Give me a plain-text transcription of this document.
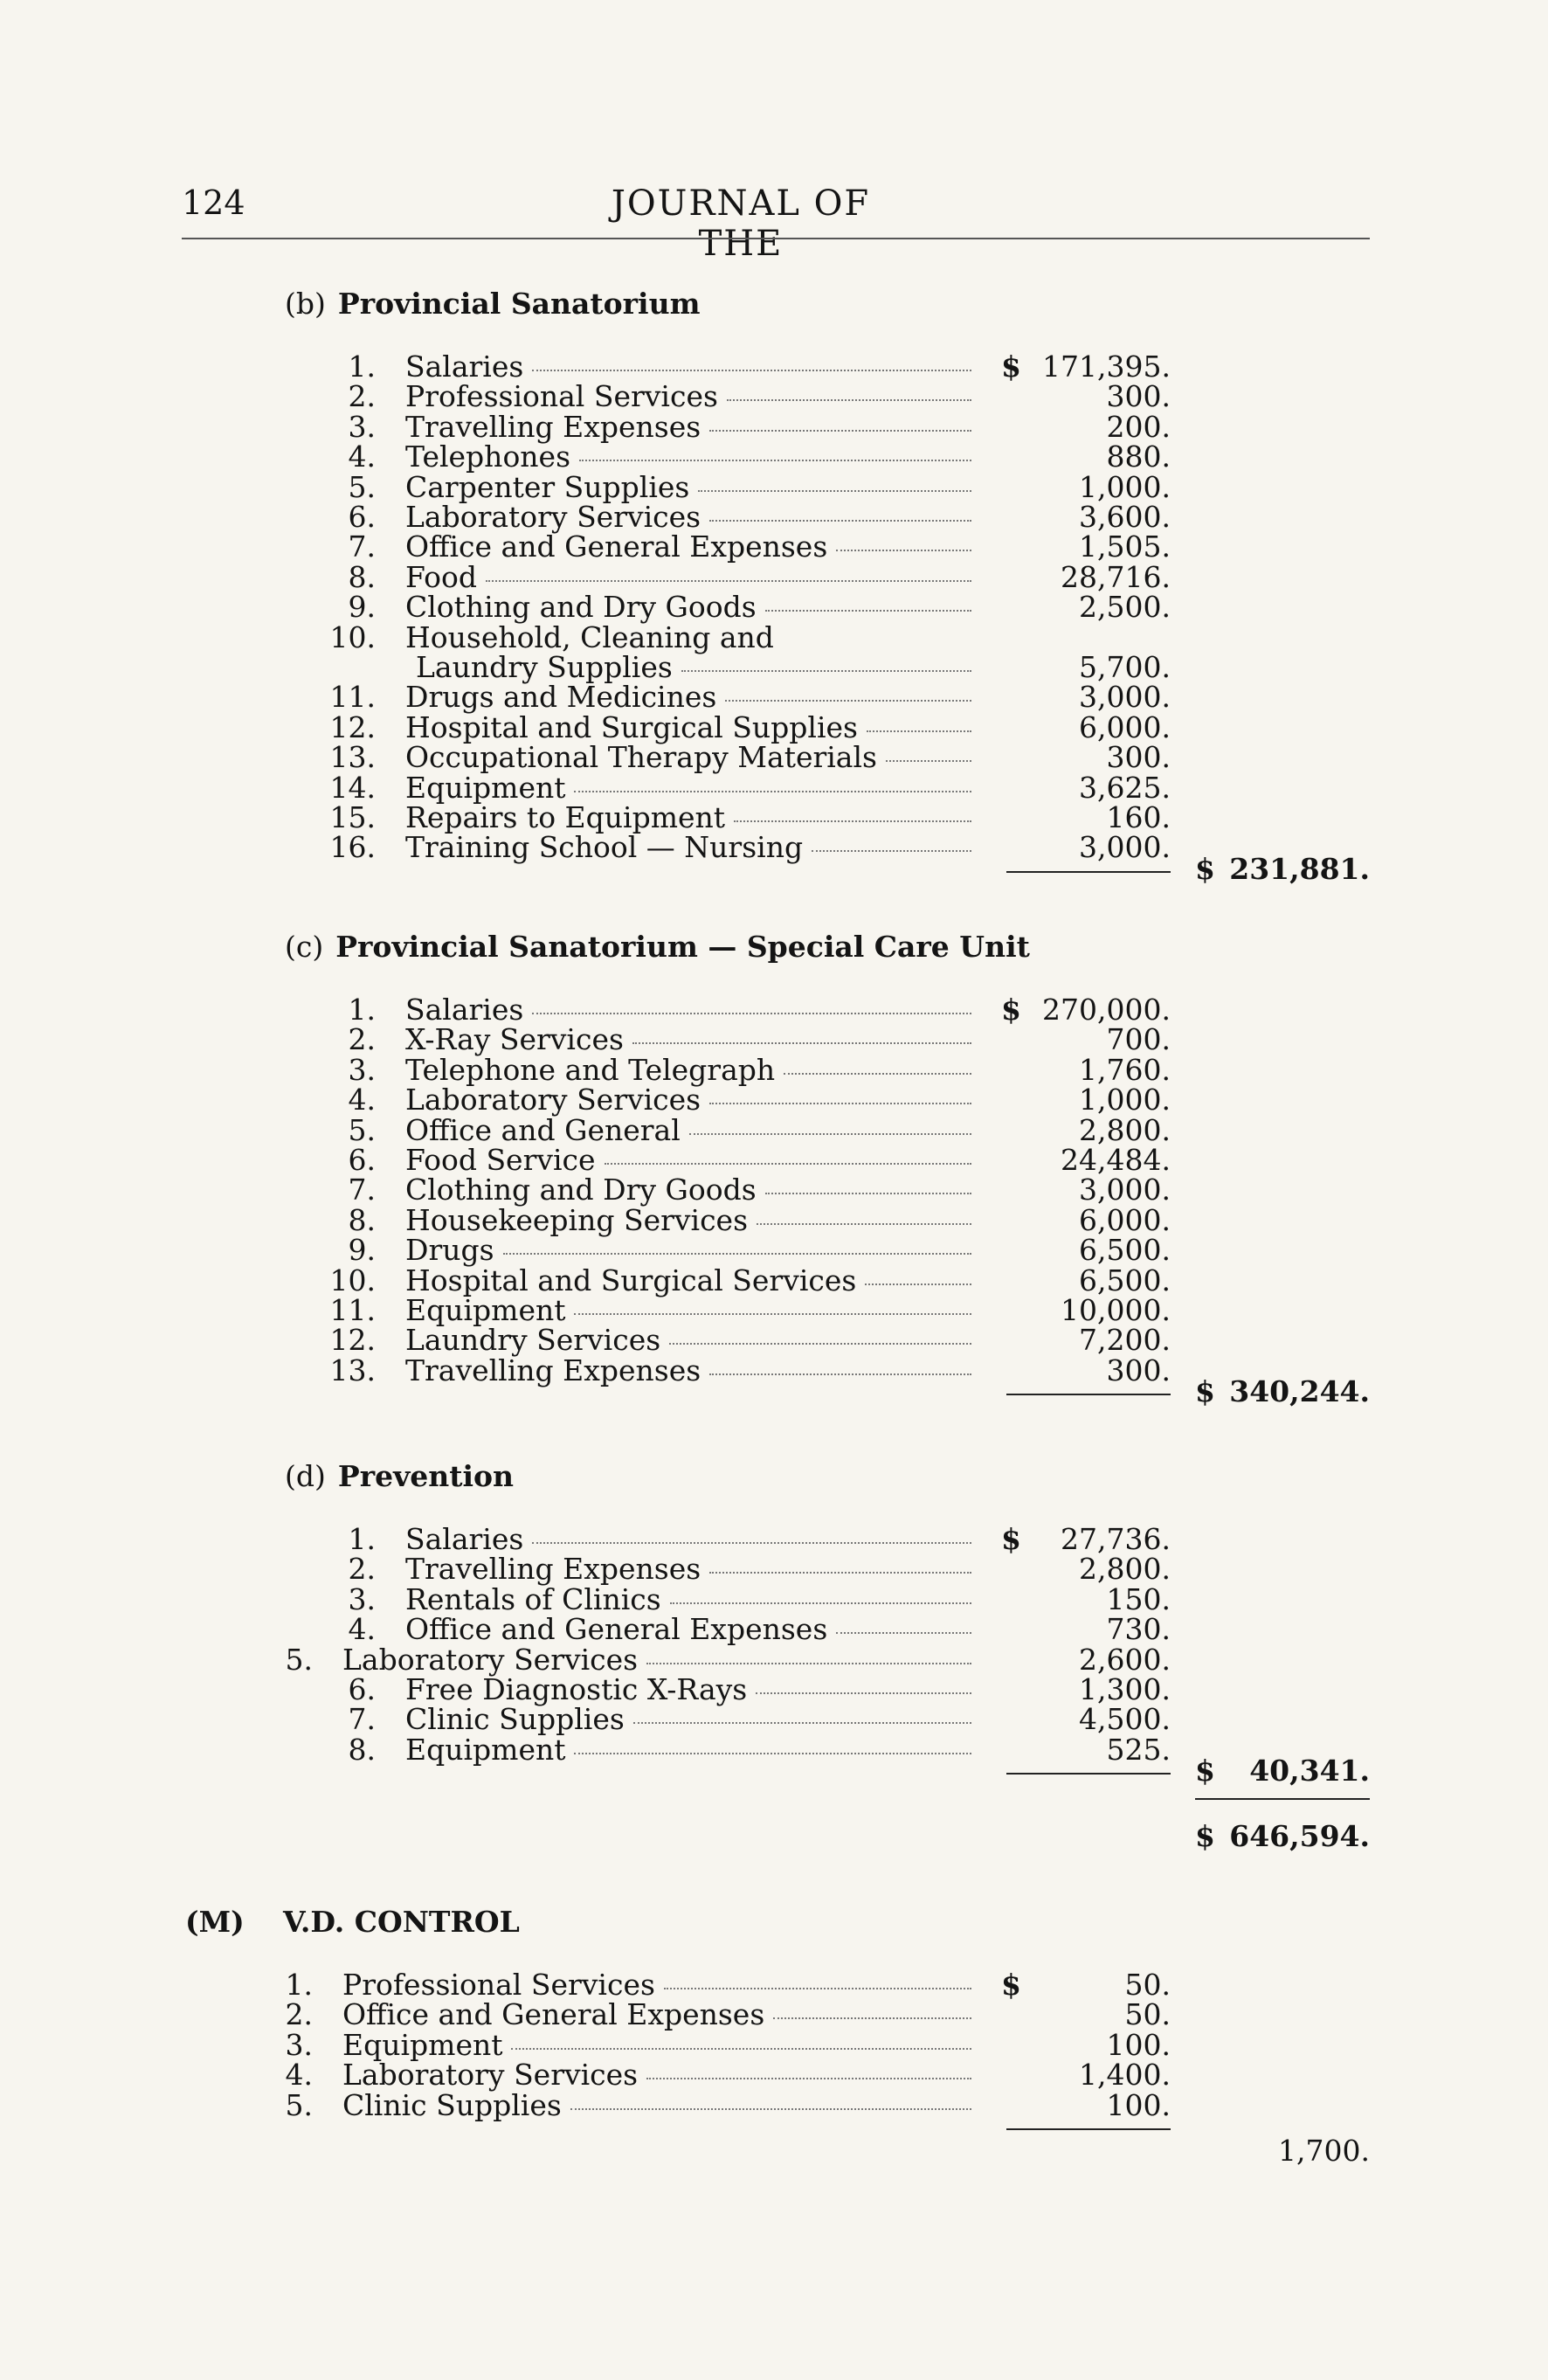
124	JOURNAL OF THE
(b) Provincial Sanatorium
1. Salaries	$ 171,395.
2. Professional Services	300.
3. Travelling Expenses	200.
4. Telephones	880.
5. Carpenter Supplies	1,000.
6. Laboratory Services	3,600.
7. Office and General Expenses	1,505.
8. Food	28,716.
9. Clothing and Dry Goods	2,500.
10. Household, Cleaning and
Laundry Supplies	5,700.
11. Drugs and Medicines	3,000.
12. Hospital and Surgical Supplies	6,000.
13. Occupational Therapy Materials	300.
14. Equipment	3,625.
15. Repairs to Equipment	160.
16. Training School — Nursing	3,000.
$ 231,881.
(c) Provincial Sanatorium — Special Care Unit
1. Salaries	$ 270,000.
2. X-Ray Services	700.
3. Telephone and Telegraph	1,760.
4. Laboratory Services	1,000.
5. Office and General	2,800.
6. Food Service	24,484.
7. Clothing and Dry Goods	3,000.
8. Housekeeping Services	6,000.
9. Drugs	6,500.
10. Hospital and Surgical Services	6,500.
11. Equipment	10,000.
12. Laundry Services	7,200.
13. Travelling Expenses	300.
$ 340,244.
(d) Prevention
1. Salaries	$	27,736.
2. Travelling Expenses	2,800.
3. Rentals of Clinics	150.
4. Office and General Expenses	730.
5. Laboratory Services	2,600.
6. Free Diagnostic X-Rays	1,300.
7. Clinic Supplies	4,500.
8. Equipment	525.
$	40,341.
$ 646,594.
(M) V.D. CONTROL
1. Professional Services	$	50.
2. Office and General Expenses	50.
3. Equipment	100.
4. Laboratory Services	1,400.
5. Clinic Supplies	100.
1,700.
